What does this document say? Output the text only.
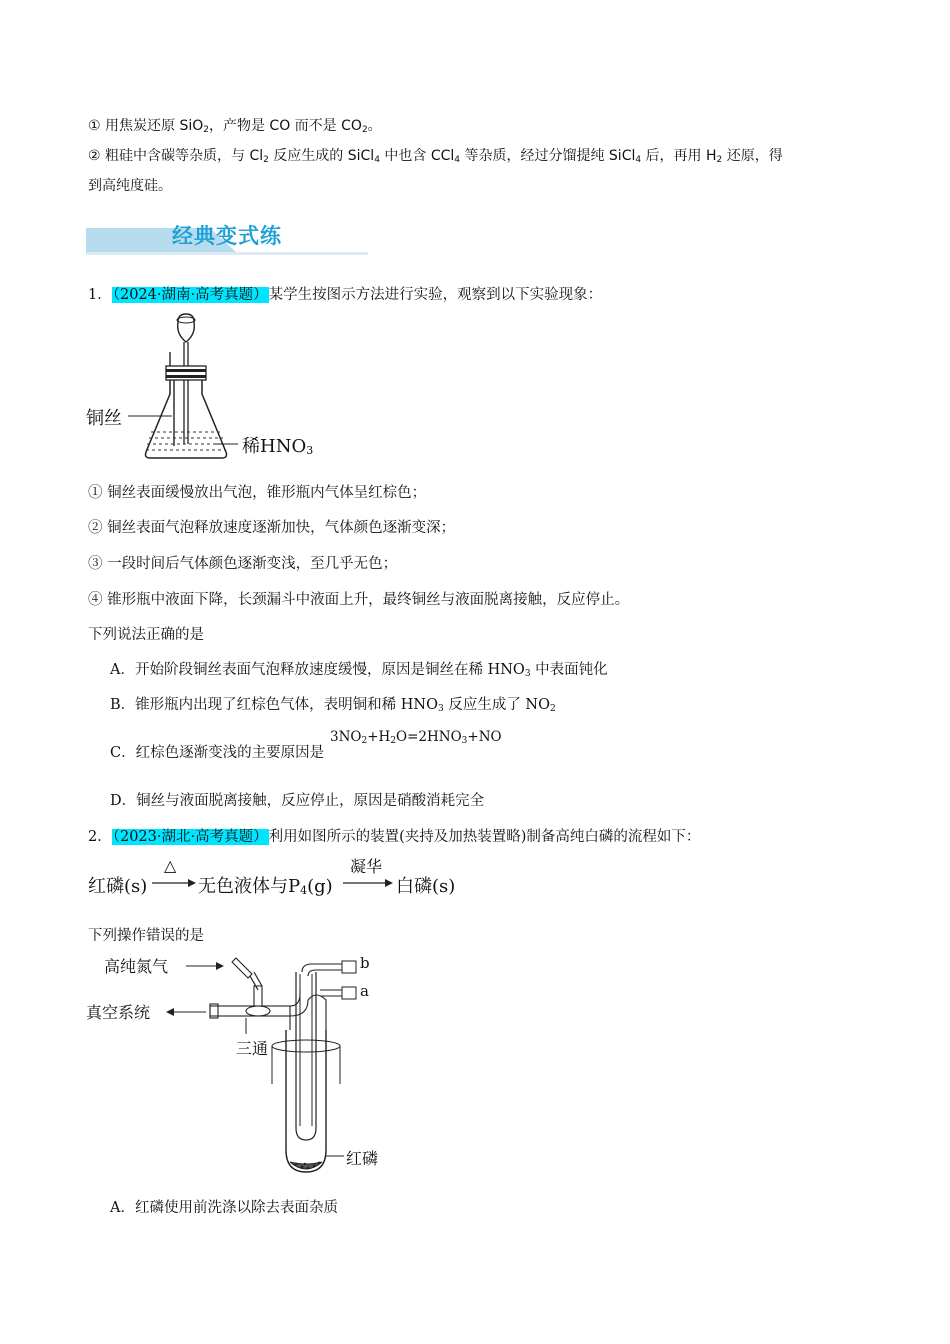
① 用焦炭还原 SiO$_2$，产物是 CO 而不是 $CO_2$。
② 粗硅中含碳等杂质，与 $Cl_2$ 反应生成的 SiCl$_4$ 中也含 CCl$_4$ 等杂质，经过分馏提纯 SiCl$_4$ 后，再用 $H_2$ 还原，得
到高纯度硅。
经典变式练
1．（2024·湖南·高考真题）某学生按图示方法进行实验，观察到以下实验现象：
铜丝
稀$HNO_3$
① 铜丝表面缓慢放出气泡，锥形瓶内气体呈红棕色；
② 铜丝表面气泡释放速度逐渐加快，气体颜色逐渐变深；
③ 一段时间后气体颜色逐渐变浅，至几乎无色；
④ 锥形瓶中液面下降，长颈漏斗中液面上升，最终铜丝与液面脱离接触，反应停止。
下列说法正确的是
A．开始阶段铜丝表面气泡释放速度缓慢，原因是铜丝在稀 $HNO_3$ 中表面钝化
B．锥形瓶内出现了红棕色气体，表明铜和稀 $HNO_3$ 反应生成了 $NO_2$
C．红棕色逐渐变浅的主要原因是
$3NO_2+H_2O=2HNO_3+NO$
D．铜丝与液面脱离接触，反应停止，原因是硝酸消耗完全
2．（2023·湖北·高考真题）利用如图所示的装置(夹持及加热装置略)制备高纯白磷的流程如下：
红磷(s)
△
无色液体与$P_4(g)$
凝华
白磷(s)
下列操作错误的是
高纯氮气
真空系统
三通
b
a
红磷
A．红磷使用前洗涤以除去表面杂质
